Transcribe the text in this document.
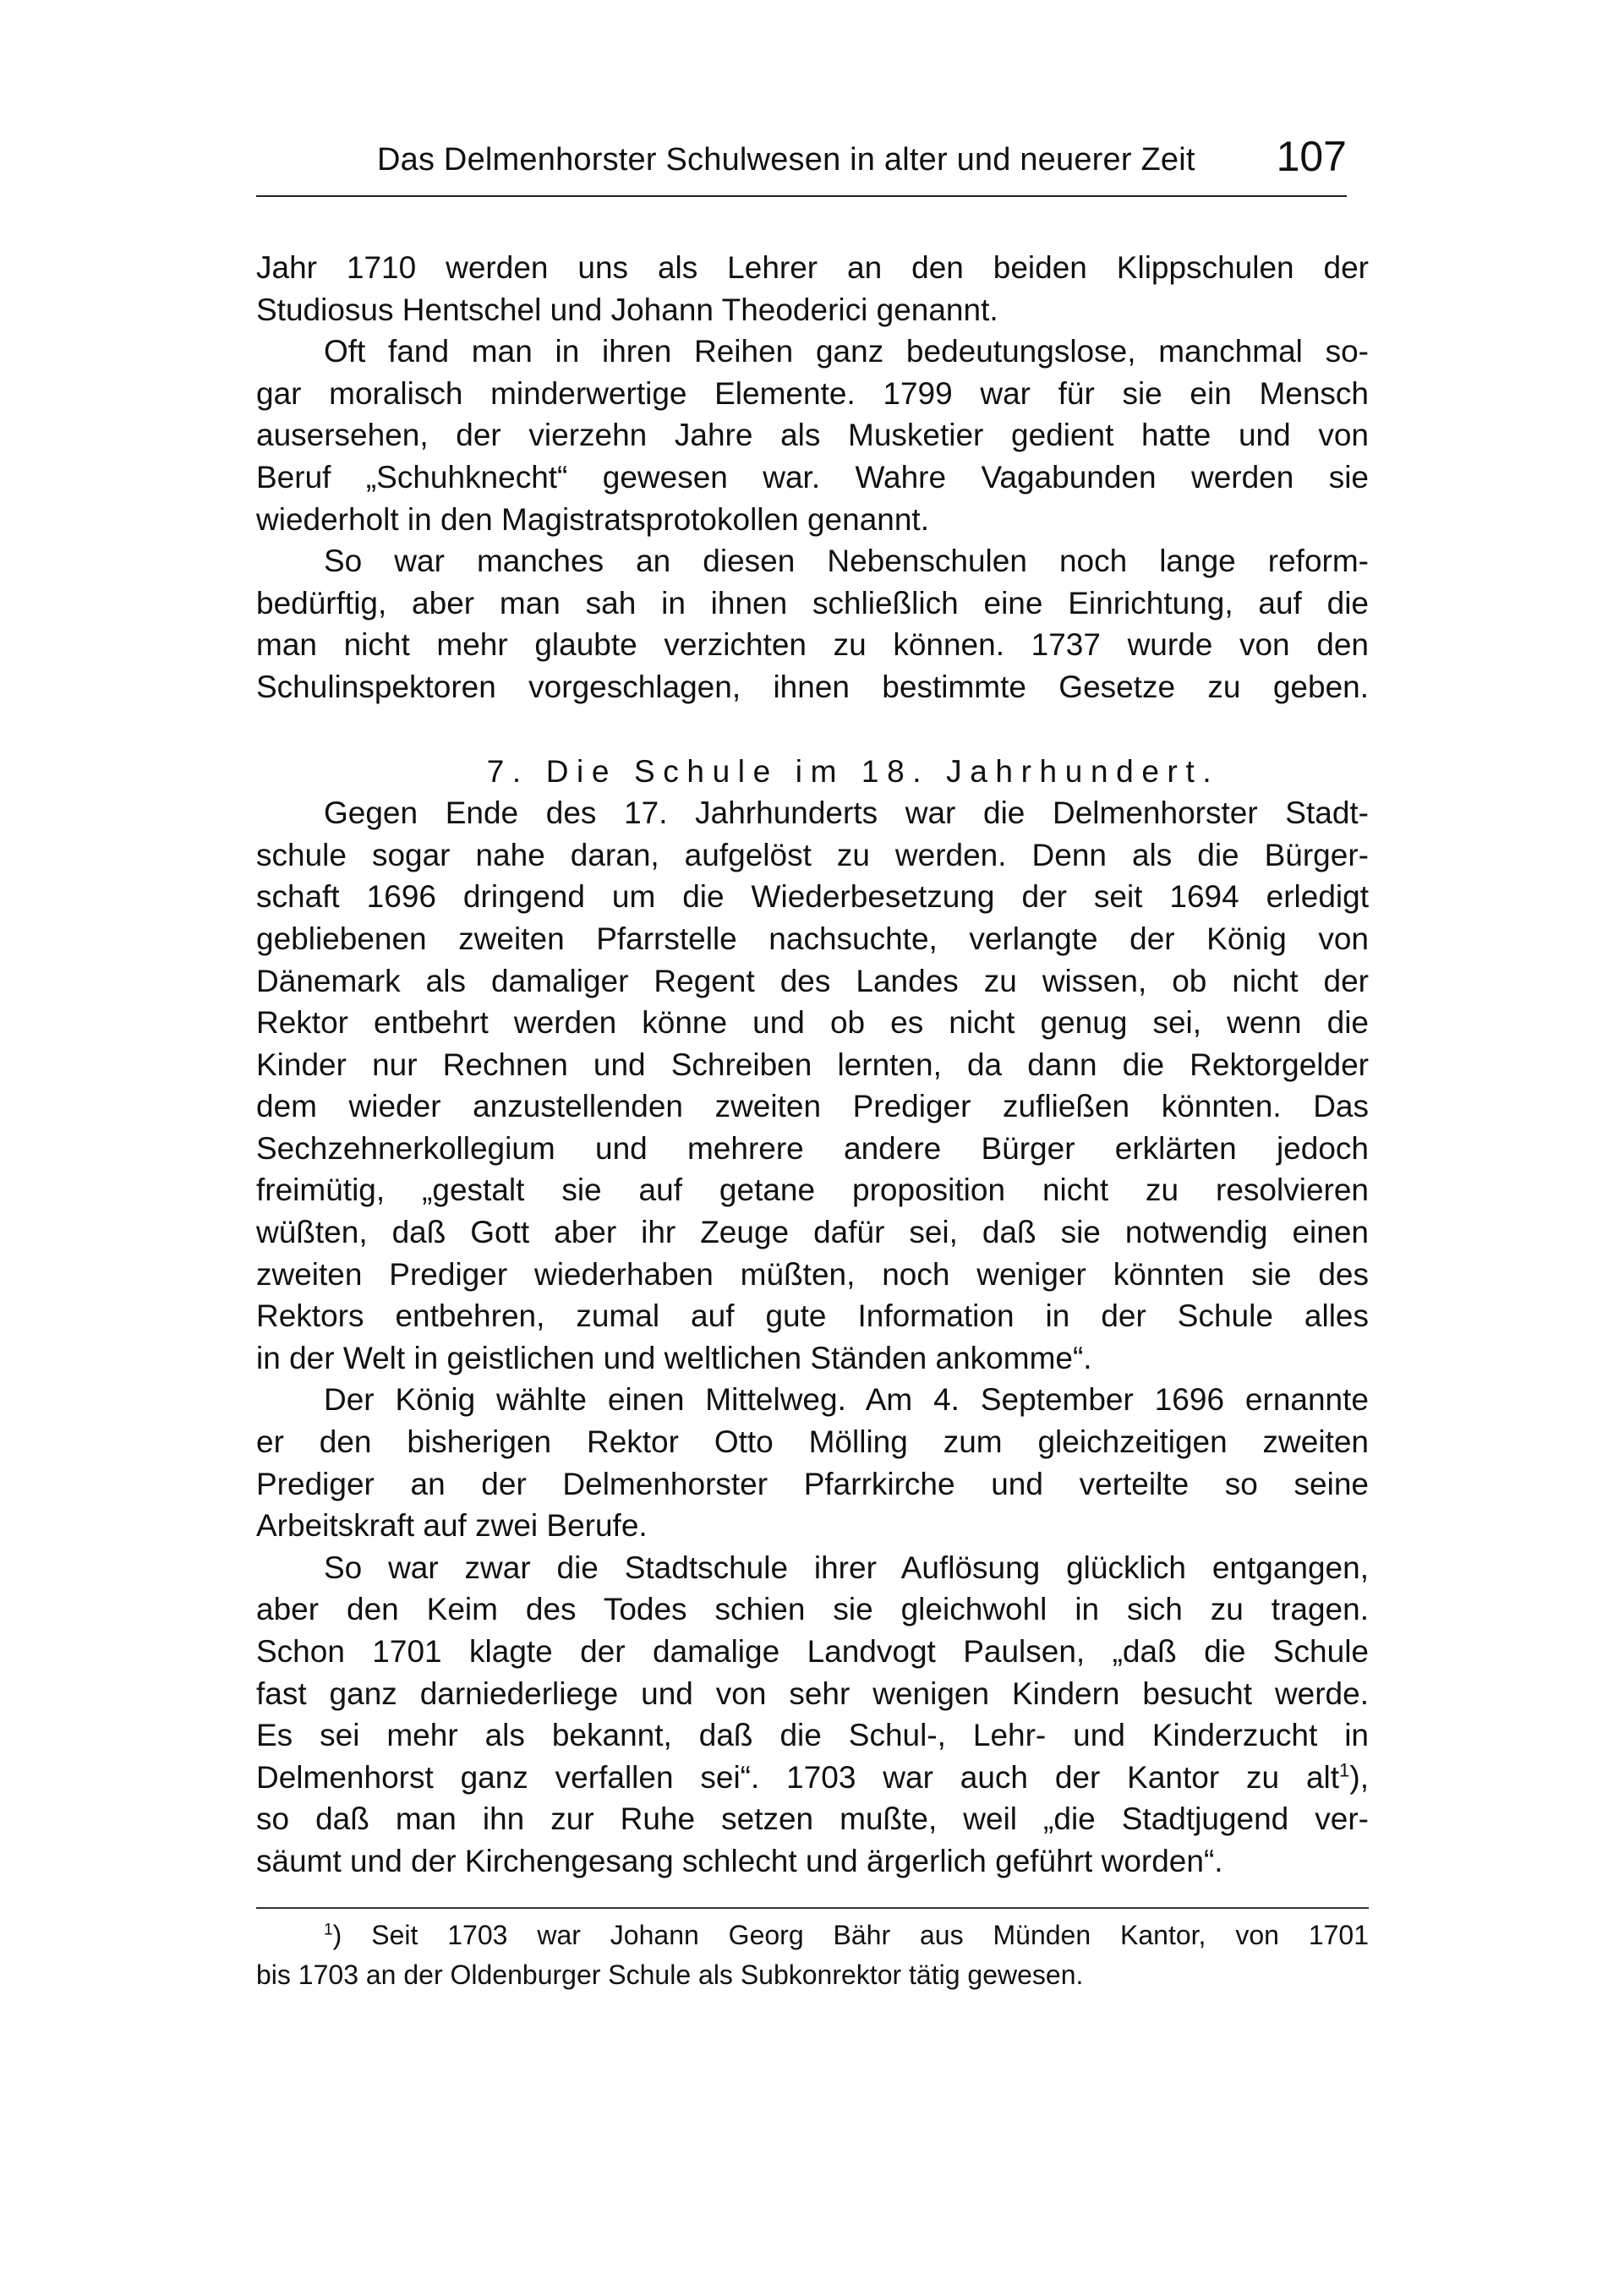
Das Delmenhorster Schulwesen in alter und neuerer Zeit 107
Jahr 1710 werden uns als Lehrer an den beiden Klippschulen der
Studiosus Hentschel und Johann Theoderici genannt.
Oft fand man in ihren Reihen ganz bedeutungslose, manchmal so-
gar moralisch minderwertige Elemente. 1799 war für sie ein Mensch
ausersehen, der vierzehn Jahre als Musketier gedient hatte und von
Beruf „Schuhknecht“ gewesen war. Wahre Vagabunden werden sie
wiederholt in den Magistratsprotokollen genannt.
So war manches an diesen Nebenschulen noch lange reform-
bedürftig, aber man sah in ihnen schließlich eine Einrichtung, auf die
man nicht mehr glaubte verzichten zu können. 1737 wurde von den
Schulinspektoren vorgeschlagen, ihnen bestimmte Gesetze zu geben.
7. Die Schule im 18. Jahrhundert.
Gegen Ende des 17. Jahrhunderts war die Delmenhorster Stadt-
schule sogar nahe daran, aufgelöst zu werden. Denn als die Bürger-
schaft 1696 dringend um die Wiederbesetzung der seit 1694 erledigt
gebliebenen zweiten Pfarrstelle nachsuchte, verlangte der König von
Dänemark als damaliger Regent des Landes zu wissen, ob nicht der
Rektor entbehrt werden könne und ob es nicht genug sei, wenn die
Kinder nur Rechnen und Schreiben lernten, da dann die Rektorgelder
dem wieder anzustellenden zweiten Prediger zufließen könnten. Das
Sechzehnerkollegium und mehrere andere Bürger erklärten jedoch
freimütig, „gestalt sie auf getane proposition nicht zu resolvieren
wüßten, daß Gott aber ihr Zeuge dafür sei, daß sie notwendig einen
zweiten Prediger wiederhaben müßten, noch weniger könnten sie des
Rektors entbehren, zumal auf gute Information in der Schule alles
in der Welt in geistlichen und weltlichen Ständen ankomme“.
Der König wählte einen Mittelweg. Am 4. September 1696 ernannte
er den bisherigen Rektor Otto Mölling zum gleichzeitigen zweiten
Prediger an der Delmenhorster Pfarrkirche und verteilte so seine
Arbeitskraft auf zwei Berufe.
So war zwar die Stadtschule ihrer Auflösung glücklich entgangen,
aber den Keim des Todes schien sie gleichwohl in sich zu tragen.
Schon 1701 klagte der damalige Landvogt Paulsen, „daß die Schule
fast ganz darniederliege und von sehr wenigen Kindern besucht werde.
Es sei mehr als bekannt, daß die Schul-, Lehr- und Kinderzucht in
Delmenhorst ganz verfallen sei“. 1703 war auch der Kantor zu alt$^1$),
so daß man ihn zur Ruhe setzen mußte, weil „die Stadtjugend ver-
säumt und der Kirchengesang schlecht und ärgerlich geführt worden“.
$^1$) Seit 1703 war Johann Georg Bähr aus Münden Kantor, von 1701
bis 1703 an der Oldenburger Schule als Subkonrektor tätig gewesen.
